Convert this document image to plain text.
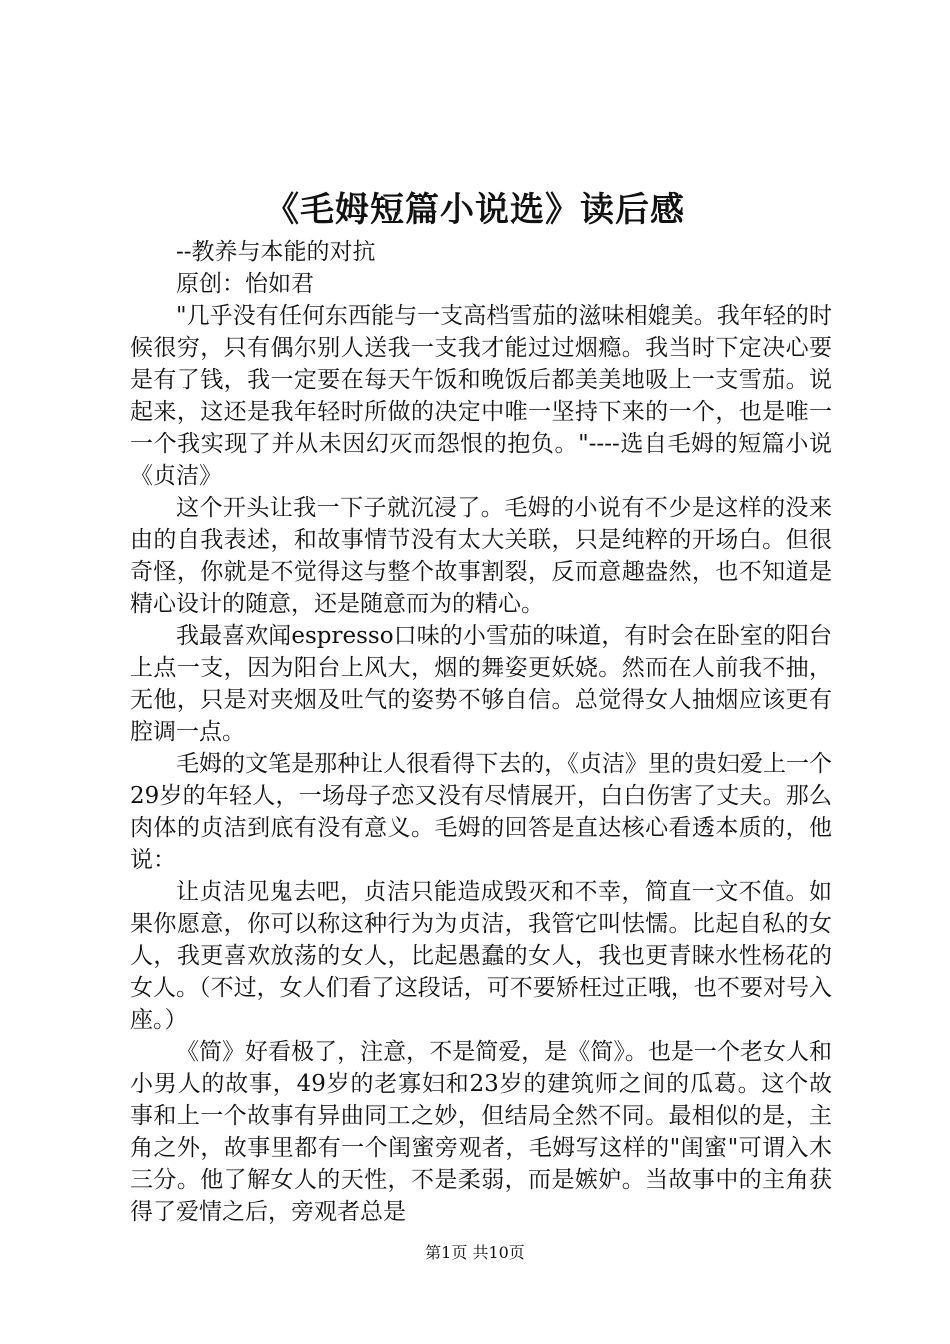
《毛姆短篇小说选》读后感

--教养与本能的对抗

原创：怡如君

"几乎没有任何东西能与一支高档雪茄的滋味相媲美。我年轻的时候很穷，只有偶尔别人送我一支我才能过过烟瘾。我当时下定决心要是有了钱，我一定要在每天午饭和晚饭后都美美地吸上一支雪茄。说起来，这还是我年轻时所做的决定中唯一坚持下来的一个，也是唯一一个我实现了并从未因幻灭而怨恨的抱负。"----选自毛姆的短篇小说《贞洁》

这个开头让我一下子就沉浸了。毛姆的小说有不少是这样的没来由的自我表述，和故事情节没有太大关联，只是纯粹的开场白。但很奇怪，你就是不觉得这与整个故事割裂，反而意趣盎然，也不知道是精心设计的随意，还是随意而为的精心。

我最喜欢闻espresso口味的小雪茄的味道，有时会在卧室的阳台上点一支，因为阳台上风大，烟的舞姿更妖娆。然而在人前我不抽，无他，只是对夹烟及吐气的姿势不够自信。总觉得女人抽烟应该更有腔调一点。

毛姆的文笔是那种让人很看得下去的，《贞洁》里的贵妇爱上一个29岁的年轻人，一场母子恋又没有尽情展开，白白伤害了丈夫。那么肉体的贞洁到底有没有意义。毛姆的回答是直达核心看透本质的，他说：

让贞洁见鬼去吧，贞洁只能造成毁灭和不幸，简直一文不值。如果你愿意，你可以称这种行为为贞洁，我管它叫怯懦。比起自私的女人，我更喜欢放荡的女人，比起愚蠢的女人，我也更青睐水性杨花的女人。（不过，女人们看了这段话，可不要矫枉过正哦，也不要对号入座。）

《简》好看极了，注意，不是简爱，是《简》。也是一个老女人和小男人的故事，49岁的老寡妇和23岁的建筑师之间的瓜葛。这个故事和上一个故事有异曲同工之妙，但结局全然不同。最相似的是，主角之外，故事里都有一个闺蜜旁观者，毛姆写这样的"闺蜜"可谓入木三分。他了解女人的天性，不是柔弱，而是嫉妒。当故事中的主角获得了爱情之后，旁观者总是

第1页 共10页
